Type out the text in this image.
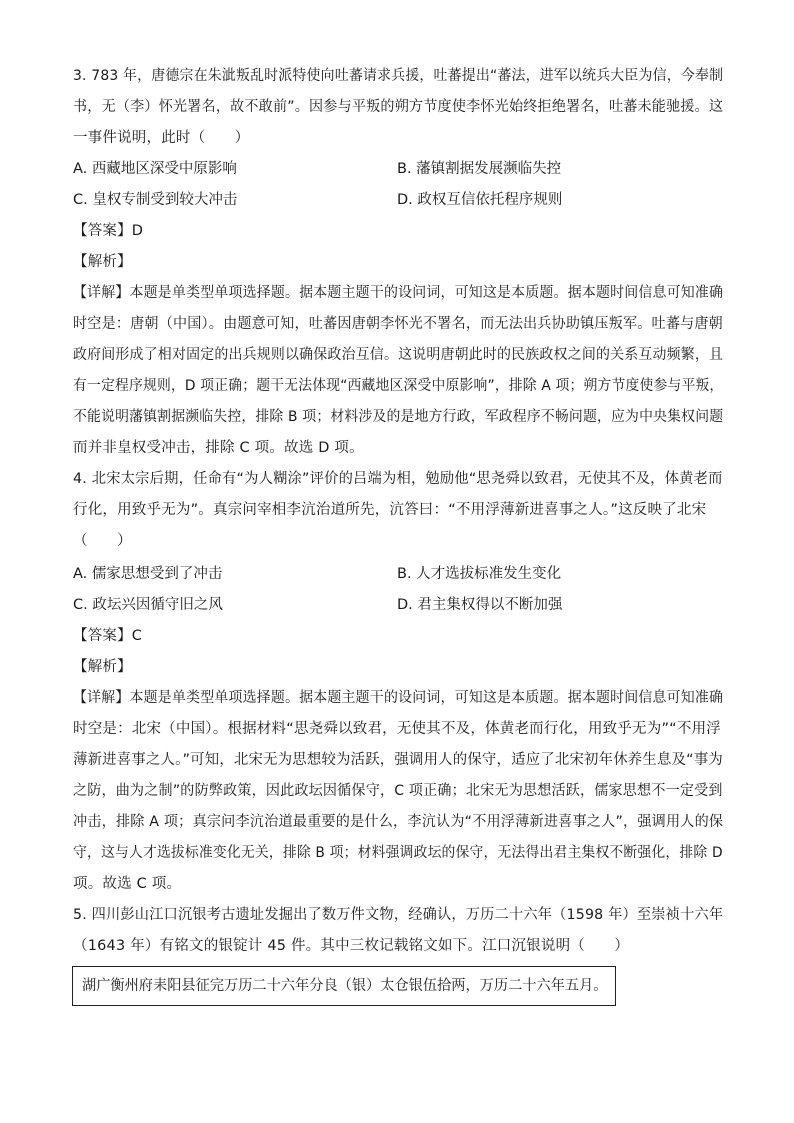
3. 783 年，唐德宗在朱泚叛乱时派特使向吐蕃请求兵援，吐蕃提出“蕃法，进军以统兵大臣为信，今奉制
书，无（李）怀光署名，故不敢前”。因参与平叛的朔方节度使李怀光始终拒绝署名，吐蕃未能驰援。这
一事件说明，此时（　　）
A. 西藏地区深受中原影响	B. 藩镇割据发展濒临失控
C. 皇权专制受到较大冲击	D. 政权互信依托程序规则
【答案】D
【解析】
【详解】本题是单类型单项选择题。据本题主题干的设问词，可知这是本质题。据本题时间信息可知准确
时空是：唐朝（中国）。由题意可知，吐蕃因唐朝李怀光不署名，而无法出兵协助镇压叛军。吐蕃与唐朝
政府间形成了相对固定的出兵规则以确保政治互信。这说明唐朝此时的民族政权之间的关系互动频繁，且
有一定程序规则，D 项正确；题干无法体现“西藏地区深受中原影响”，排除 A 项；朔方节度使参与平叛，
不能说明藩镇割据濒临失控，排除 B 项；材料涉及的是地方行政，军政程序不畅问题，应为中央集权问题
而并非皇权受冲击，排除 C 项。故选 D 项。
4. 北宋太宗后期，任命有“为人糊涂”评价的吕端为相，勉励他“思尧舜以致君，无使其不及，体黄老而
行化，用致乎无为”。真宗问宰相李沆治道所先，沆答曰：“不用浮薄新进喜事之人。”这反映了北宋
（　　）
A. 儒家思想受到了冲击	B. 人才选拔标准发生变化
C. 政坛兴因循守旧之风	D. 君主集权得以不断加强
【答案】C
【解析】
【详解】本题是单类型单项选择题。据本题主题干的设问词，可知这是本质题。据本题时间信息可知准确
时空是：北宋（中国）。根据材料“思尧舜以致君，无使其不及，体黄老而行化，用致乎无为”“不用浮
薄新进喜事之人。”可知，北宋无为思想较为活跃，强调用人的保守，适应了北宋初年休养生息及“事为
之防，曲为之制”的防弊政策，因此政坛因循保守，C 项正确；北宋无为思想活跃，儒家思想不一定受到
冲击，排除 A 项；真宗问李沆治道最重要的是什么，李沆认为“不用浮薄新进喜事之人”，强调用人的保
守，这与人才选拔标准变化无关，排除 B 项；材料强调政坛的保守，无法得出君主集权不断强化，排除 D
项。故选 C 项。
5. 四川彭山江口沉银考古遗址发掘出了数万件文物，经确认，万历二十六年（1598 年）至崇祯十六年
（1643 年）有铭文的银锭计 45 件。其中三枚记载铭文如下。江口沉银说明（　　）
湖广衡州府耒阳县征完万历二十六年分良（银）太仓银伍拾两，万历二十六年五月。
